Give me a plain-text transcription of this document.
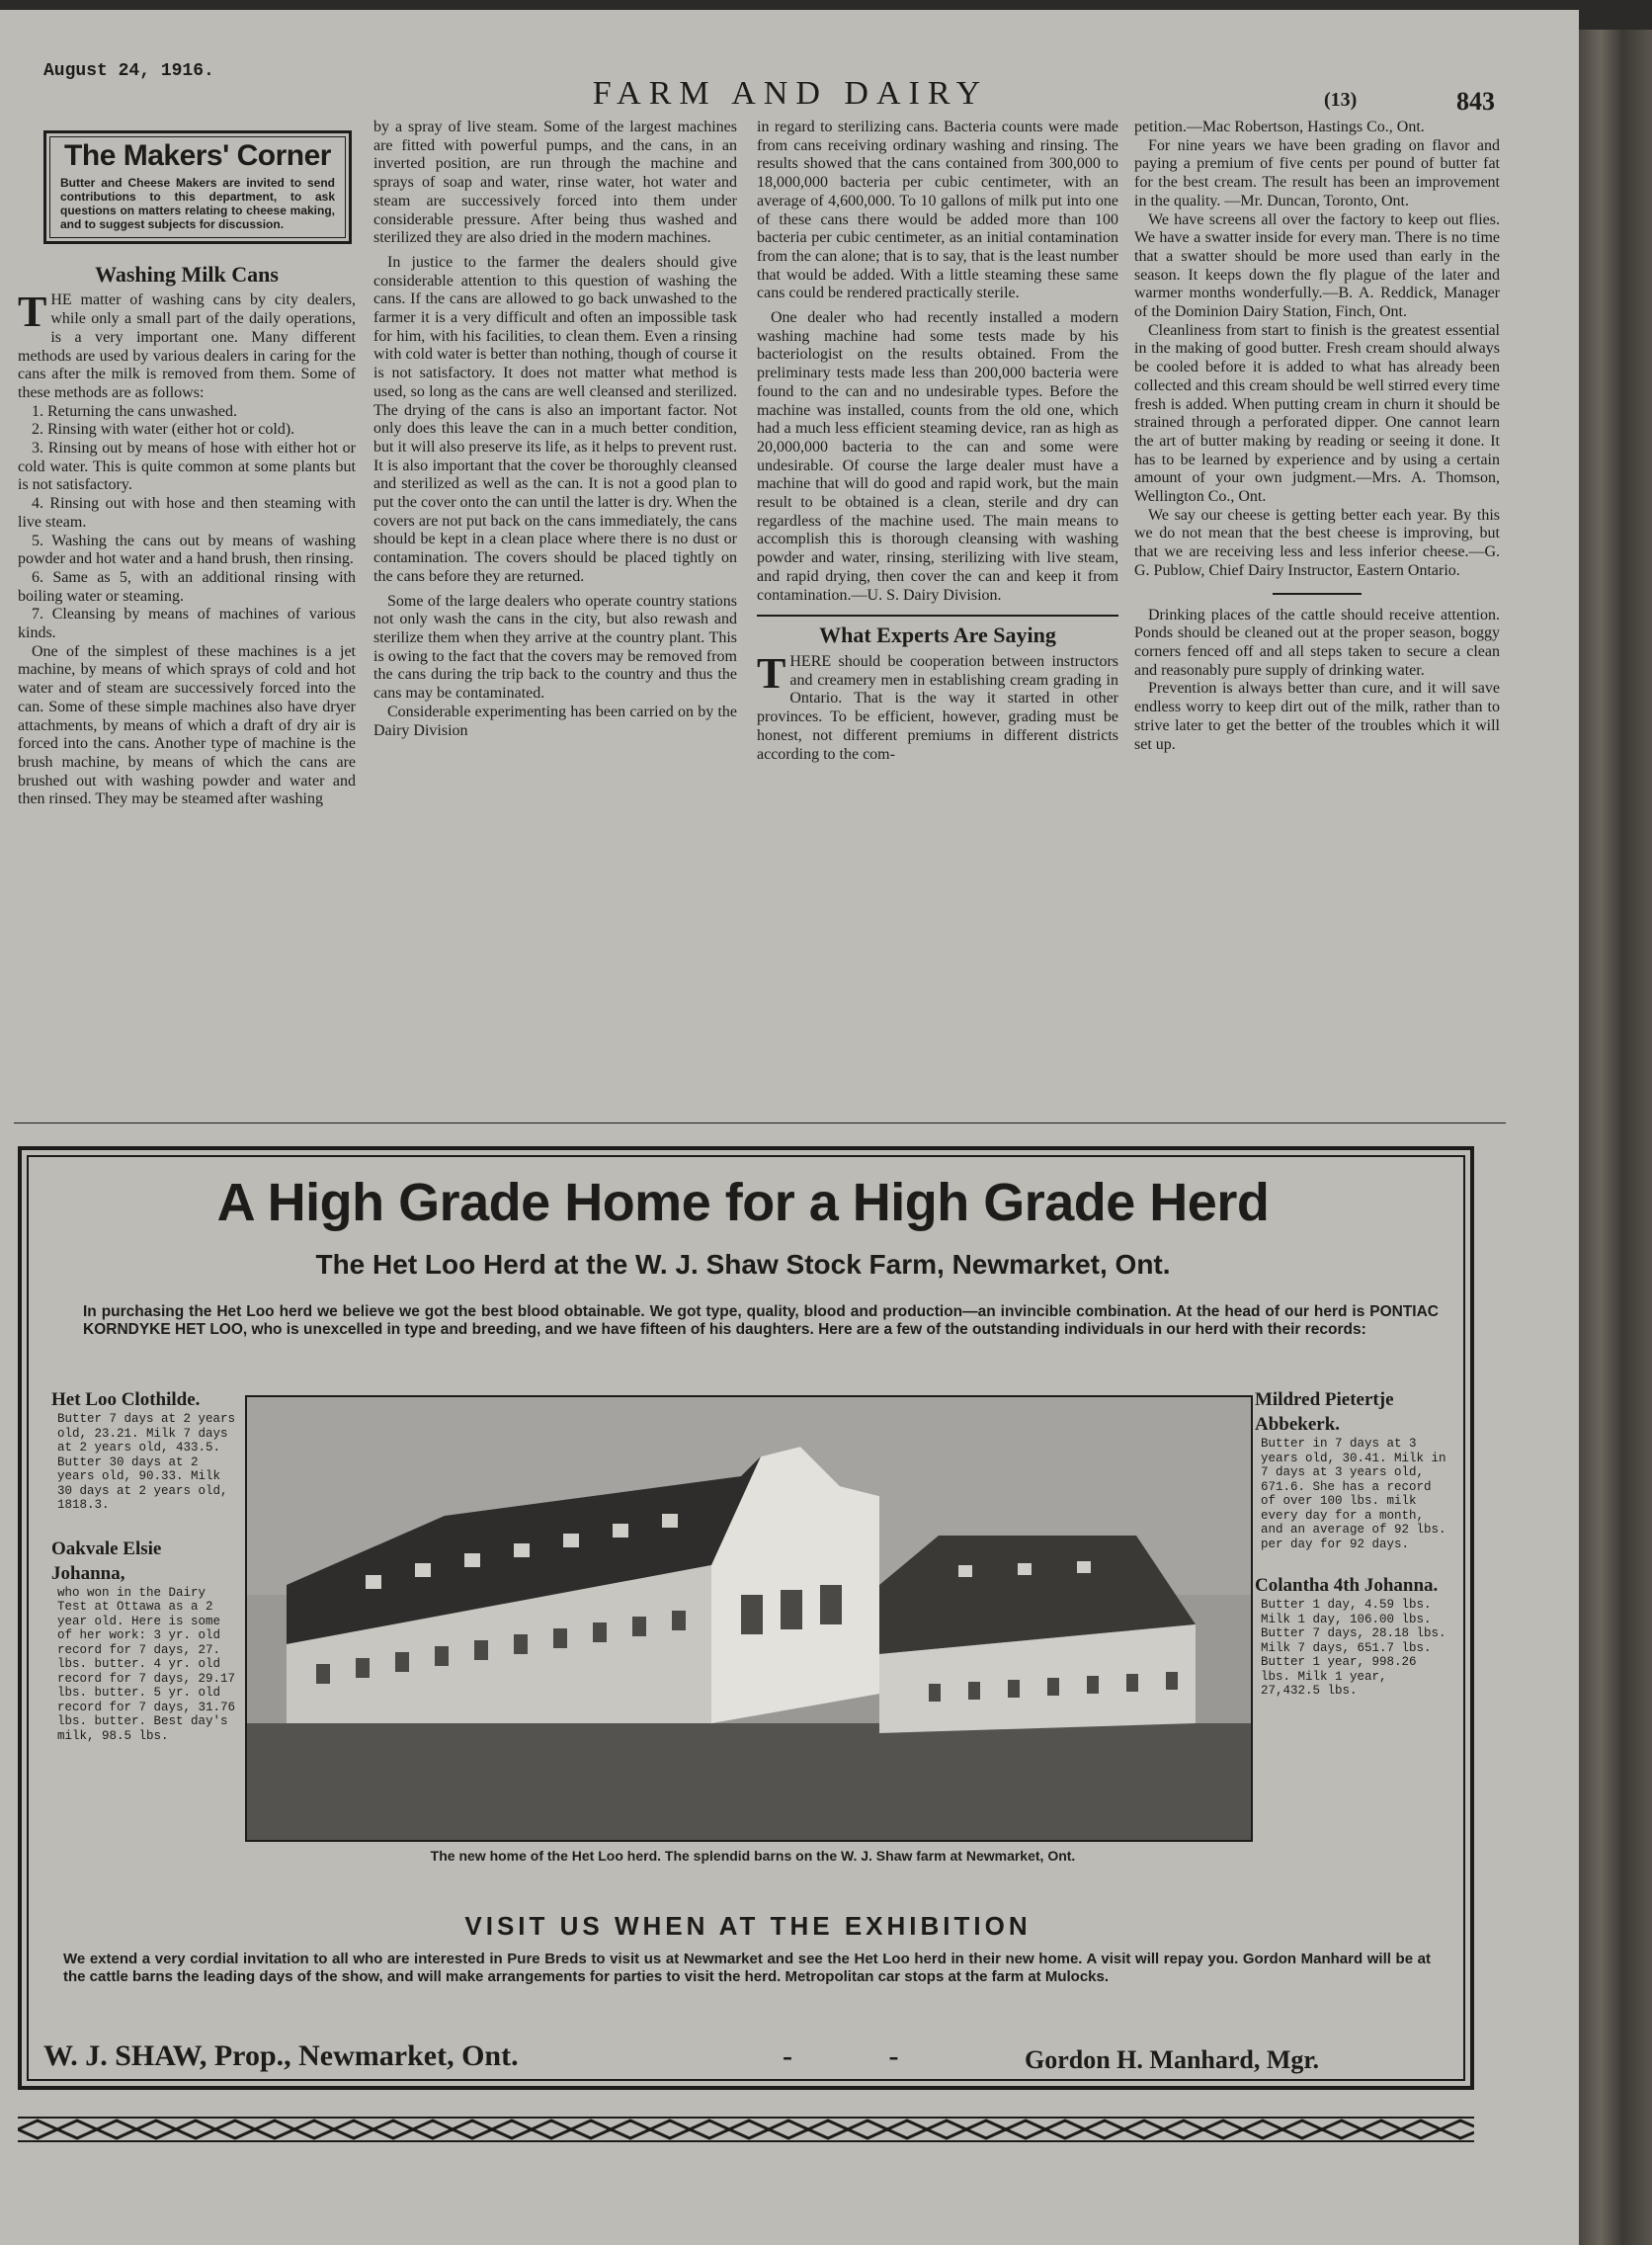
August 24, 1916.
FARM AND DAIRY	(13)	843
The Makers' Corner
Butter and Cheese Makers are invited to send contributions to this department, to ask questions on matters relating to cheese making, and to suggest subjects for discussion.
Washing Milk Cans

THE matter of washing cans by city dealers, while only a small part of the daily operations, is a very important one. Many different methods are used by various dealers in caring for the cans after the milk is removed from them. Some of these methods are as follows:

1. Returning the cans unwashed.

2. Rinsing with water (either hot or cold).

3. Rinsing out by means of hose with either hot or cold water. This is quite common at some plants but is not satisfactory.

4. Rinsing out with hose and then steaming with live steam.

5. Washing the cans out by means of washing powder and hot water and a hand brush, then rinsing.

6. Same as 5, with an additional rinsing with boiling water or steaming.

7. Cleansing by means of machines of various kinds.

One of the simplest of these machines is a jet machine, by means of which sprays of cold and hot water and of steam are successively forced into the can. Some of these simple machines also have dryer attachments, by means of which a draft of dry air is forced into the cans. Another type of machine is the brush machine, by means of which the cans are brushed out with washing powder and water and then rinsed. They may be steamed after washing

by a spray of live steam. Some of the largest machines are fitted with powerful pumps, and the cans, in an inverted position, are run through the machine and sprays of soap and water, rinse water, hot water and steam are successively forced into them under considerable pressure. After being thus washed and sterilized they are also dried in the modern machines.

In justice to the farmer the dealers should give considerable attention to this question of washing the cans. If the cans are allowed to go back unwashed to the farmer it is a very difficult and often an impossible task for him, with his facilities, to clean them. Even a rinsing with cold water is better than nothing, though of course it is not satisfactory. It does not matter what method is used, so long as the cans are well cleansed and sterilized. The drying of the cans is also an important factor. Not only does this leave the can in a much better condition, but it will also preserve its life, as it helps to prevent rust. It is also important that the cover be thoroughly cleansed and sterilized as well as the can. It is not a good plan to put the cover onto the can until the latter is dry. When the covers are not put back on the cans immediately, the cans should be kept in a clean place where there is no dust or contamination. The covers should be placed tightly on the cans before they are returned.

Some of the large dealers who operate country stations not only wash the cans in the city, but also rewash and sterilize them when they arrive at the country plant. This is owing to the fact that the covers may be removed from the cans during the trip back to the country and thus the cans may be contaminated.

Considerable experimenting has been carried on by the Dairy Division

in regard to sterilizing cans. Bacteria counts were made from cans receiving ordinary washing and rinsing. The results showed that the cans contained from 300,000 to 18,000,000 bacteria per cubic centimeter, with an average of 4,600,000. To 10 gallons of milk put into one of these cans there would be added more than 100 bacteria per cubic centimeter, as an initial contamination from the can alone; that is to say, that is the least number that would be added. With a little steaming these same cans could be rendered practically sterile.

One dealer who had recently installed a modern washing machine had some tests made by his bacteriologist on the results obtained. From the preliminary tests made less than 200,000 bacteria were found to the can and no undesirable types. Before the machine was installed, counts from the old one, which had a much less efficient steaming device, ran as high as 20,000,000 bacteria to the can and some were undesirable. Of course the large dealer must have a machine that will do good and rapid work, but the main result to be obtained is a clean, sterile and dry can regardless of the machine used. The main means to accomplish this is thorough cleansing with washing powder and water, rinsing, sterilizing with live steam, and rapid drying, then cover the can and keep it from contamination.—U. S. Dairy Division.

What Experts Are Saying

THERE should be cooperation between instructors and creamery men in establishing cream grading in Ontario. That is the way it started in other provinces. To be efficient, however, grading must be honest, not different premiums in different districts according to the com-

petition.—Mac Robertson, Hastings Co., Ont.

For nine years we have been grading on flavor and paying a premium of five cents per pound of butter fat for the best cream. The result has been an improvement in the quality. —Mr. Duncan, Toronto, Ont.

We have screens all over the factory to keep out flies. We have a swatter inside for every man. There is no time that a swatter should be more used than early in the season. It keeps down the fly plague of the later and warmer months wonderfully.—B. A. Reddick, Manager of the Dominion Dairy Station, Finch, Ont.

Cleanliness from start to finish is the greatest essential in the making of good butter. Fresh cream should always be cooled before it is added to what has already been collected and this cream should be well stirred every time fresh is added. When putting cream in churn it should be strained through a perforated dipper. One cannot learn the art of butter making by reading or seeing it done. It has to be learned by experience and by using a certain amount of your own judgment.—Mrs. A. Thomson, Wellington Co., Ont.

We say our cheese is getting better each year. By this we do not mean that the best cheese is improving, but that we are receiving less and less inferior cheese.—G. G. Publow, Chief Dairy Instructor, Eastern Ontario.

Drinking places of the cattle should receive attention. Ponds should be cleaned out at the proper season, boggy corners fenced off and all steps taken to secure a clean and reasonably pure supply of drinking water.

Prevention is always better than cure, and it will save endless worry to keep dirt out of the milk, rather than to strive later to get the better of the troubles which it will set up.

A High Grade Home for a High Grade Herd
The Het Loo Herd at the W. J. Shaw Stock Farm, Newmarket, Ont.
In purchasing the Het Loo herd we believe we got the best blood obtainable. We got type, quality, blood and production—an invincible combination. At the head of our herd is PONTIAC KORNDYKE HET LOO, who is unexcelled in type and breeding, and we have fifteen of his daughters. Here are a few of the outstanding individuals in our herd with their records:
Het Loo Clothilde.
Butter 7 days at 2 years old, 23.21. Milk 7 days at 2 years old, 433.5. Butter 30 days at 2 years old, 90.33. Milk 30 days at 2 years old, 1818.3.
Oakvale Elsie Johanna,
who won in the Dairy Test at Ottawa as a 2 year old. Here is some of her work: 3 yr. old record for 7 days, 27. lbs. butter. 4 yr. old record for 7 days, 29.17 lbs. butter. 5 yr. old record for 7 days, 31.76 lbs. butter. Best day's milk, 98.5 lbs.
The new home of the Het Loo herd. The splendid barns on the W. J. Shaw farm at Newmarket, Ont.
Mildred Pietertje Abbekerk.
Butter in 7 days at 3 years old, 30.41. Milk in 7 days at 3 years old, 671.6. She has a record of over 100 lbs. milk every day for a month, and an average of 92 lbs. per day for 92 days.
Colantha 4th Johanna.
Butter 1 day, 4.59 lbs. Milk 1 day, 106.00 lbs. Butter 7 days, 28.18 lbs. Milk 7 days, 651.7 lbs. Butter 1 year, 998.26 lbs. Milk 1 year, 27,432.5 lbs.
VISIT US WHEN AT THE EXHIBITION
We extend a very cordial invitation to all who are interested in Pure Breds to visit us at Newmarket and see the Het Loo herd in their new home. A visit will repay you. Gordon Manhard will be at the cattle barns the leading days of the show, and will make arrangements for parties to visit the herd. Metropolitan car stops at the farm at Mulocks.
W. J. SHAW, Prop., Newmarket, Ont.	- -	Gordon H. Manhard, Mgr.
